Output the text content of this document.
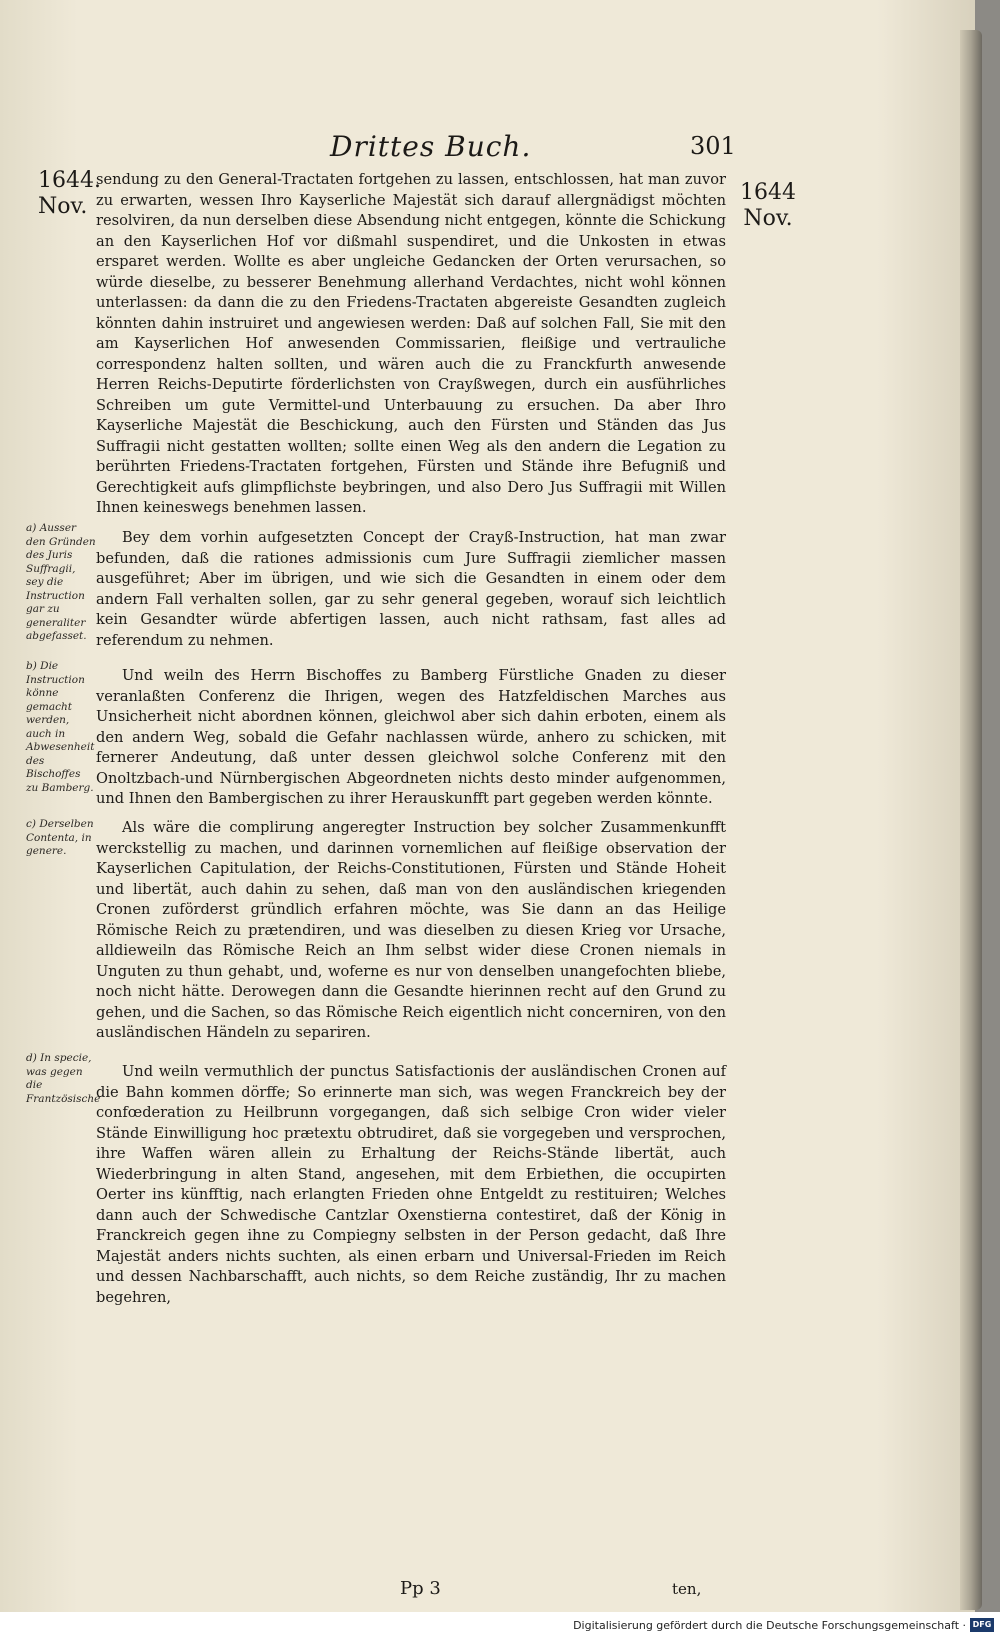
Drittes Buch.	301
1644.
Nov.
1644
Nov.

sendung zu den General-Tractaten fortgehen zu lassen, entschlossen, hat man zuvor zu erwarten, wessen Ihro Kayserliche Majestät sich darauf allergnädigst möchten resolviren, da nun derselben diese Absendung nicht entgegen, könnte die Schickung an den Kayserlichen Hof vor dißmahl suspendiret, und die Unkosten in etwas ersparet werden. Wollte es aber ungleiche Gedancken der Orten verursachen, so würde dieselbe, zu besserer Benehmung allerhand Verdachtes, nicht wohl können unterlassen: da dann die zu den Friedens-Tractaten abgereiste Gesandten zugleich könnten dahin instruiret und angewiesen werden: Daß auf solchen Fall, Sie mit den am Kayserlichen Hof anwesenden Commissarien, fleißige und vertrauliche correspondenz halten sollten, und wären auch die zu Franckfurth anwesende Herren Reichs-Deputirte förderlichsten von Crayßwegen, durch ein ausführliches Schreiben um gute Vermittel-und Unterbauung zu ersuchen. Da aber Ihro Kayserliche Majestät die Beschickung, auch den Fürsten und Ständen das Jus Suffragii nicht gestatten wollten; sollte einen Weg als den andern die Legation zu berührten Friedens-Tractaten fortgehen, Fürsten und Stände ihre Befugniß und Gerechtigkeit aufs glimpflichste beybringen, und also Dero Jus Suffragii mit Willen Ihnen keineswegs benehmen lassen.

a) Ausser den Gründen des Juris Suffragii, sey die Instruction gar zu generaliter abgefasset.

Bey dem vorhin aufgesetzten Concept der Crayß-Instruction, hat man zwar befunden, daß die rationes admissionis cum Jure Suffragii ziemlicher massen ausgeführet; Aber im übrigen, und wie sich die Gesandten in einem oder dem andern Fall verhalten sollen, gar zu sehr general gegeben, worauf sich leichtlich kein Gesandter würde abfertigen lassen, auch nicht rathsam, fast alles ad referendum zu nehmen.

b) Die Instruction könne gemacht werden, auch in Abwesenheit des Bischoffes zu Bamberg.

Und weiln des Herrn Bischoffes zu Bamberg Fürstliche Gnaden zu dieser veranlaßten Conferenz die Ihrigen, wegen des Hatzfeldischen Marches aus Unsicherheit nicht abordnen können, gleichwol aber sich dahin erboten, einem als den andern Weg, sobald die Gefahr nachlassen würde, anhero zu schicken, mit fernerer Andeutung, daß unter dessen gleichwol solche Conferenz mit den Onoltzbach-und Nürnbergischen Abgeordneten nichts desto minder aufgenommen, und Ihnen den Bambergischen zu ihrer Herauskunfft part gegeben werden könnte.

c) Derselben Contenta, in genere.

Als wäre die complirung angeregter Instruction bey solcher Zusammenkunfft werckstellig zu machen, und darinnen vornemlichen auf fleißige observation der Kayserlichen Capitulation, der Reichs-Constitutionen, Fürsten und Stände Hoheit und libertät, auch dahin zu sehen, daß man von den ausländischen kriegenden Cronen zuförderst gründlich erfahren möchte, was Sie dann an das Heilige Römische Reich zu prætendiren, und was dieselben zu diesen Krieg vor Ursache, alldieweiln das Römische Reich an Ihm selbst wider diese Cronen niemals in Unguten zu thun gehabt, und, woferne es nur von denselben unangefochten bliebe, noch nicht hätte. Derowegen dann die Gesandte hierinnen recht auf den Grund zu gehen, und die Sachen, so das Römische Reich eigentlich nicht concerniren, von den ausländischen Händeln zu separiren.

d) In specie, was gegen die Frantzösische

Und weiln vermuthlich der punctus Satisfactionis der ausländischen Cronen auf die Bahn kommen dörffe; So erinnerte man sich, was wegen Franckreich bey der confœderation zu Heilbrunn vorgegangen, daß sich selbige Cron wider vieler Stände Einwilligung hoc prætextu obtrudiret, daß sie vorgegeben und versprochen, ihre Waffen wären allein zu Erhaltung der Reichs-Stände libertät, auch Wiederbringung in alten Stand, angesehen, mit dem Erbiethen, die occupirten Oerter ins künfftig, nach erlangten Frieden ohne Entgeldt zu restituiren; Welches dann auch der Schwedische Cantzlar Oxenstierna contestiret, daß der König in Franckreich gegen ihne zu Compiegny selbsten in der Person gedacht, daß Ihre Majestät anders nichts suchten, als einen erbarn und Universal-Frieden im Reich und dessen Nachbarschafft, auch nichts, so dem Reiche zuständig, Ihr zu machen begehren,

Pp 3	ten,
Digitalisierung gefördert durch die Deutsche Forschungsgemeinschaft · DFG
